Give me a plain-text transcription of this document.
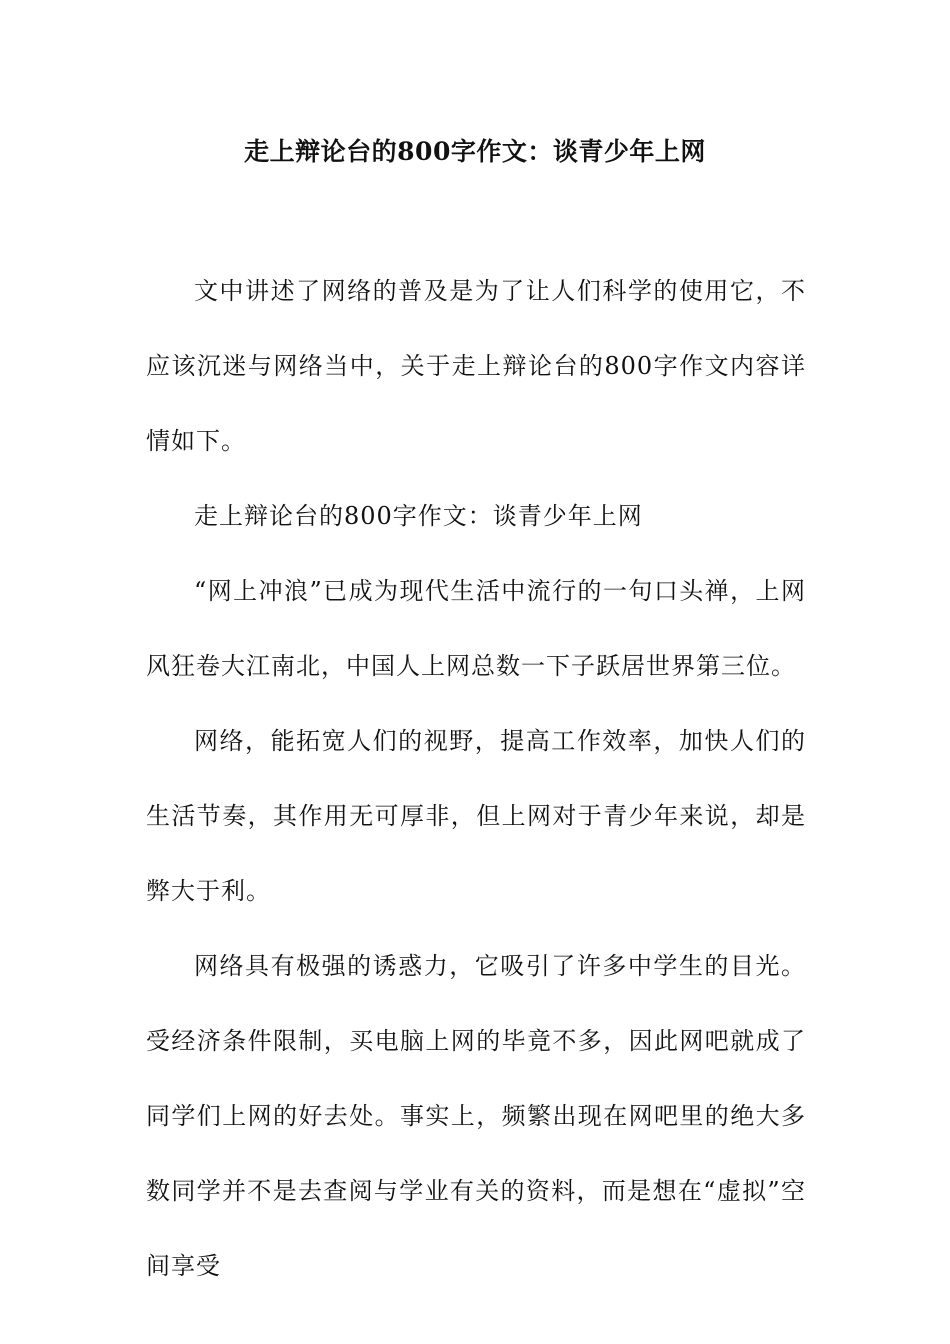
走上辩论台的800字作文：谈青少年上网

文中讲述了网络的普及是为了让人们科学的使用它，不应该沉迷与网络当中，关于走上辩论台的800字作文内容详情如下。

走上辩论台的800字作文：谈青少年上网

“网上冲浪”已成为现代生活中流行的一句口头禅，上网风狂卷大江南北，中国人上网总数一下子跃居世界第三位。

网络，能拓宽人们的视野，提高工作效率，加快人们的生活节奏，其作用无可厚非，但上网对于青少年来说，却是弊大于利。

网络具有极强的诱惑力，它吸引了许多中学生的目光。受经济条件限制，买电脑上网的毕竟不多，因此网吧就成了同学们上网的好去处。事实上，频繁出现在网吧里的绝大多数同学并不是去查阅与学业有关的资料，而是想在“虚拟”空间享受
